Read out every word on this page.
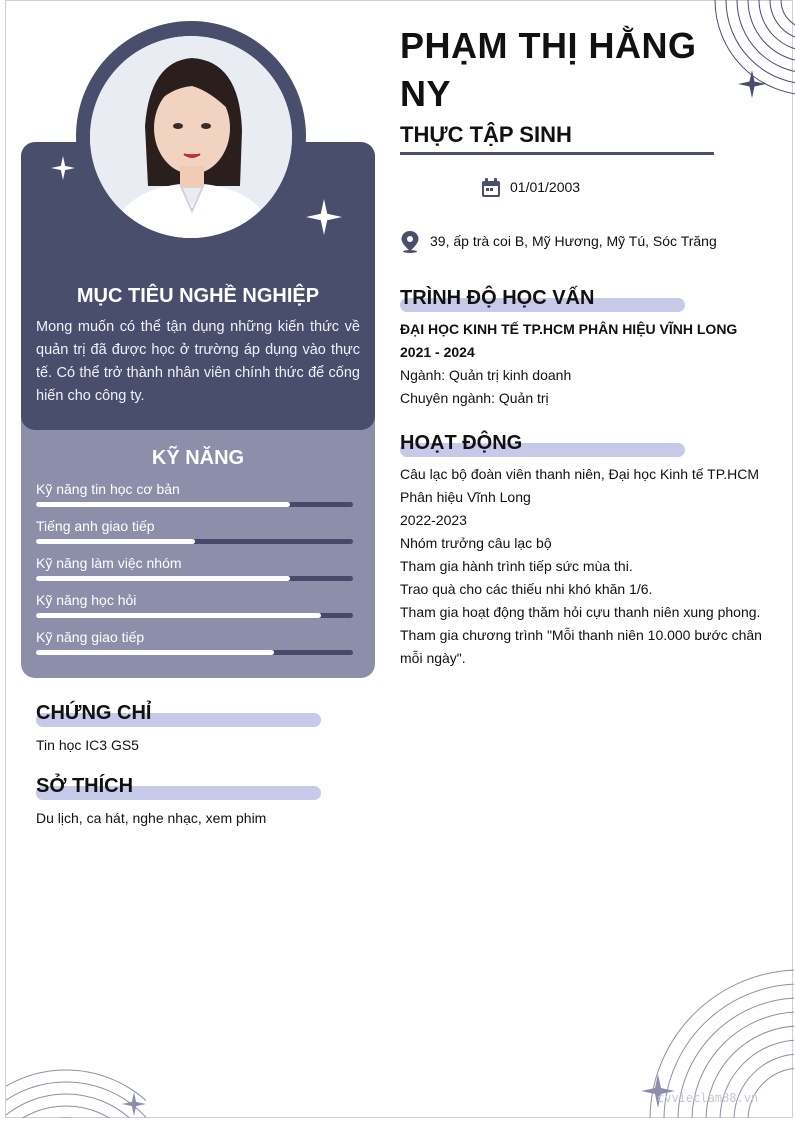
MỤC TIÊU NGHỀ NGHIỆP
Mong muốn có thể tận dụng những kiến thức về quản trị đã được học ở trường áp dụng vào thực tế. Có thể trở thành nhân viên chính thức để cống hiến cho công ty.
KỸ NĂNG
Kỹ năng tin học cơ bản
Tiếng anh giao tiếp
Kỹ năng làm việc nhóm
Kỹ năng học hỏi
Kỹ năng giao tiếp
CHỨNG CHỈ
Tin học IC3 GS5
SỞ THÍCH
Du lịch, ca hát, nghe nhạc, xem phim
PHẠM THỊ HẰNG NY
THỰC TẬP SINH
01/01/2003
39, ấp trà coi B, Mỹ Hương, Mỹ Tú, Sóc Trăng
TRÌNH ĐỘ HỌC VẤN
ĐẠI HỌC KINH TẾ TP.HCM PHÂN HIỆU VĨNH LONG
2021 - 2024
Ngành: Quản trị kinh doanh
Chuyên ngành: Quản trị
HOẠT ĐỘNG
Câu lạc bộ đoàn viên thanh niên, Đại học Kinh tế TP.HCM
Phân hiệu Vĩnh Long
2022-2023
Nhóm trưởng câu lạc bộ
Tham gia hành trình tiếp sức mùa thi.
Trao quà cho các thiếu nhi khó khăn 1/6.
Tham gia hoạt động thăm hỏi cựu thanh niên xung phong.
Tham gia chương trình "Mỗi thanh niên 10.000 bước chân
mỗi ngày".
cvvieclam88.vn
